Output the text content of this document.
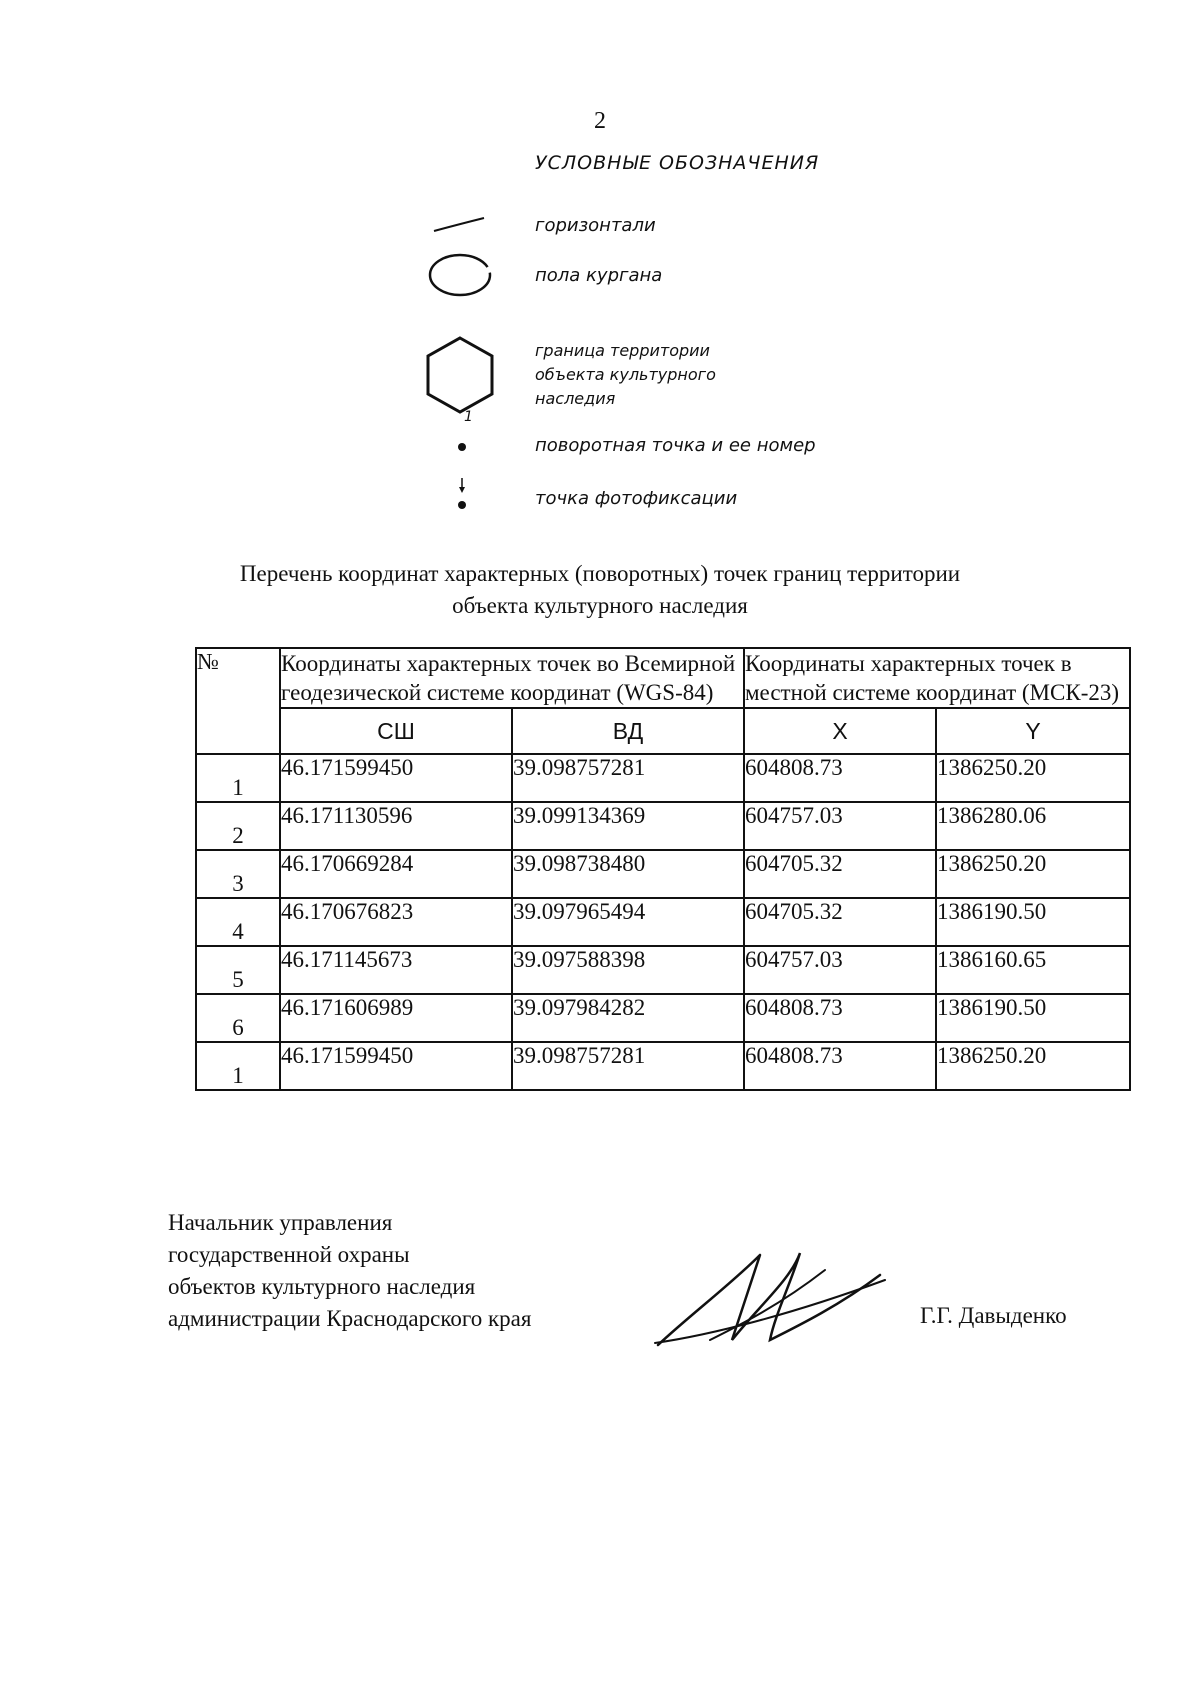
2
УСЛОВНЫЕ ОБОЗНАЧЕНИЯ
горизонтали
пола кургана
граница территории
объекта культурного
наследия
1
поворотная точка и ее номер
точка фотофиксации
Перечень координат характерных (поворотных) точек границ территории
объекта культурного наследия
№	Координаты характерных точек во Всемирной геодезической системе координат (WGS-84)		Координаты характерных точек в местной системе координат (МСК-23)	
	СШ	ВД	X	Y
1	46.171599450	39.098757281	604808.73	1386250.20
2	46.171130596	39.099134369	604757.03	1386280.06
3	46.170669284	39.098738480	604705.32	1386250.20
4	46.170676823	39.097965494	604705.32	1386190.50
5	46.171145673	39.097588398	604757.03	1386160.65
6	46.171606989	39.097984282	604808.73	1386190.50
1	46.171599450	39.098757281	604808.73	1386250.20
Начальник управления
государственной охраны
объектов культурного наследия
администрации Краснодарского края	Г.Г. Давыденко
